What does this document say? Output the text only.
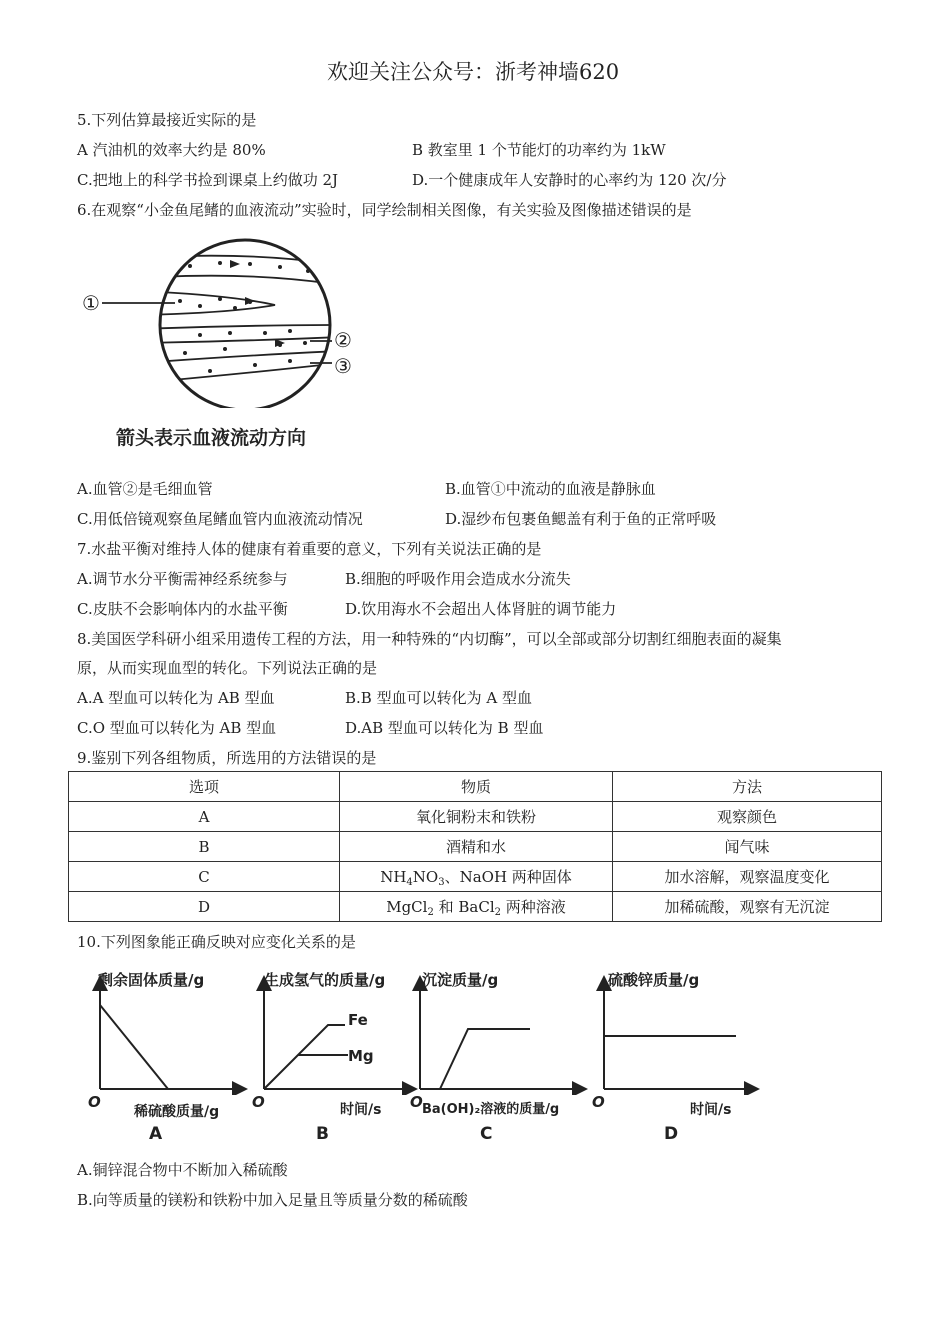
欢迎关注公众号：浙考神墙620
5.下列估算最接近实际的是
A 汽油机的效率大约是 80%	B 教室里 1 个节能灯的功率约为 1kW
C.把地上的科学书捡到课桌上约做功 2J	D.一个健康成年人安静时的心率约为 120 次/分
6.在观察“小金鱼尾鳍的血液流动”实验时，同学绘制相关图像，有关实验及图像描述错误的是
①
②
③
箭头表示血液流动方向
A.血管②是毛细血管	B.血管①中流动的血液是静脉血
C.用低倍镜观察鱼尾鳍血管内血液流动情况	D.湿纱布包裹鱼鳃盖有利于鱼的正常呼吸
7.水盐平衡对维持人体的健康有着重要的意义，下列有关说法正确的是
A.调节水分平衡需神经系统参与	B.细胞的呼吸作用会造成水分流失
C.皮肤不会影响体内的水盐平衡	D.饮用海水不会超出人体肾脏的调节能力
8.美国医学科研小组采用遗传工程的方法，用一种特殊的“内切酶”，可以全部或部分切割红细胞表面的凝集
原，从而实现血型的转化。下列说法正确的是
A.A 型血可以转化为 AB 型血	B.B 型血可以转化为 A 型血
C.O 型血可以转化为 AB 型血	D.AB 型血可以转化为 B 型血
9.鉴别下列各组物质，所选用的方法错误的是
选项	物质	方法
A	氧化铜粉末和铁粉	观察颜色
B	酒精和水	闻气味
C	$NH_4NO_3$、NaOH 两种固体	加水溶解，观察温度变化
D	MgCl$_2$ 和 BaCl$_2$ 两种溶液	加稀硫酸，观察有无沉淀
10.下列图象能正确反映对应变化关系的是
剩余固体质量/g
O
稀硫酸质量/g
A
生成氢气的质量/g
Fe
Mg
O	时间/s
B
沉淀质量/g
O Ba(OH)₂溶液的质量/g
C
硫酸锌质量/g
O	时间/s
D
A.铜锌混合物中不断加入稀硫酸
B.向等质量的镁粉和铁粉中加入足量且等质量分数的稀硫酸
